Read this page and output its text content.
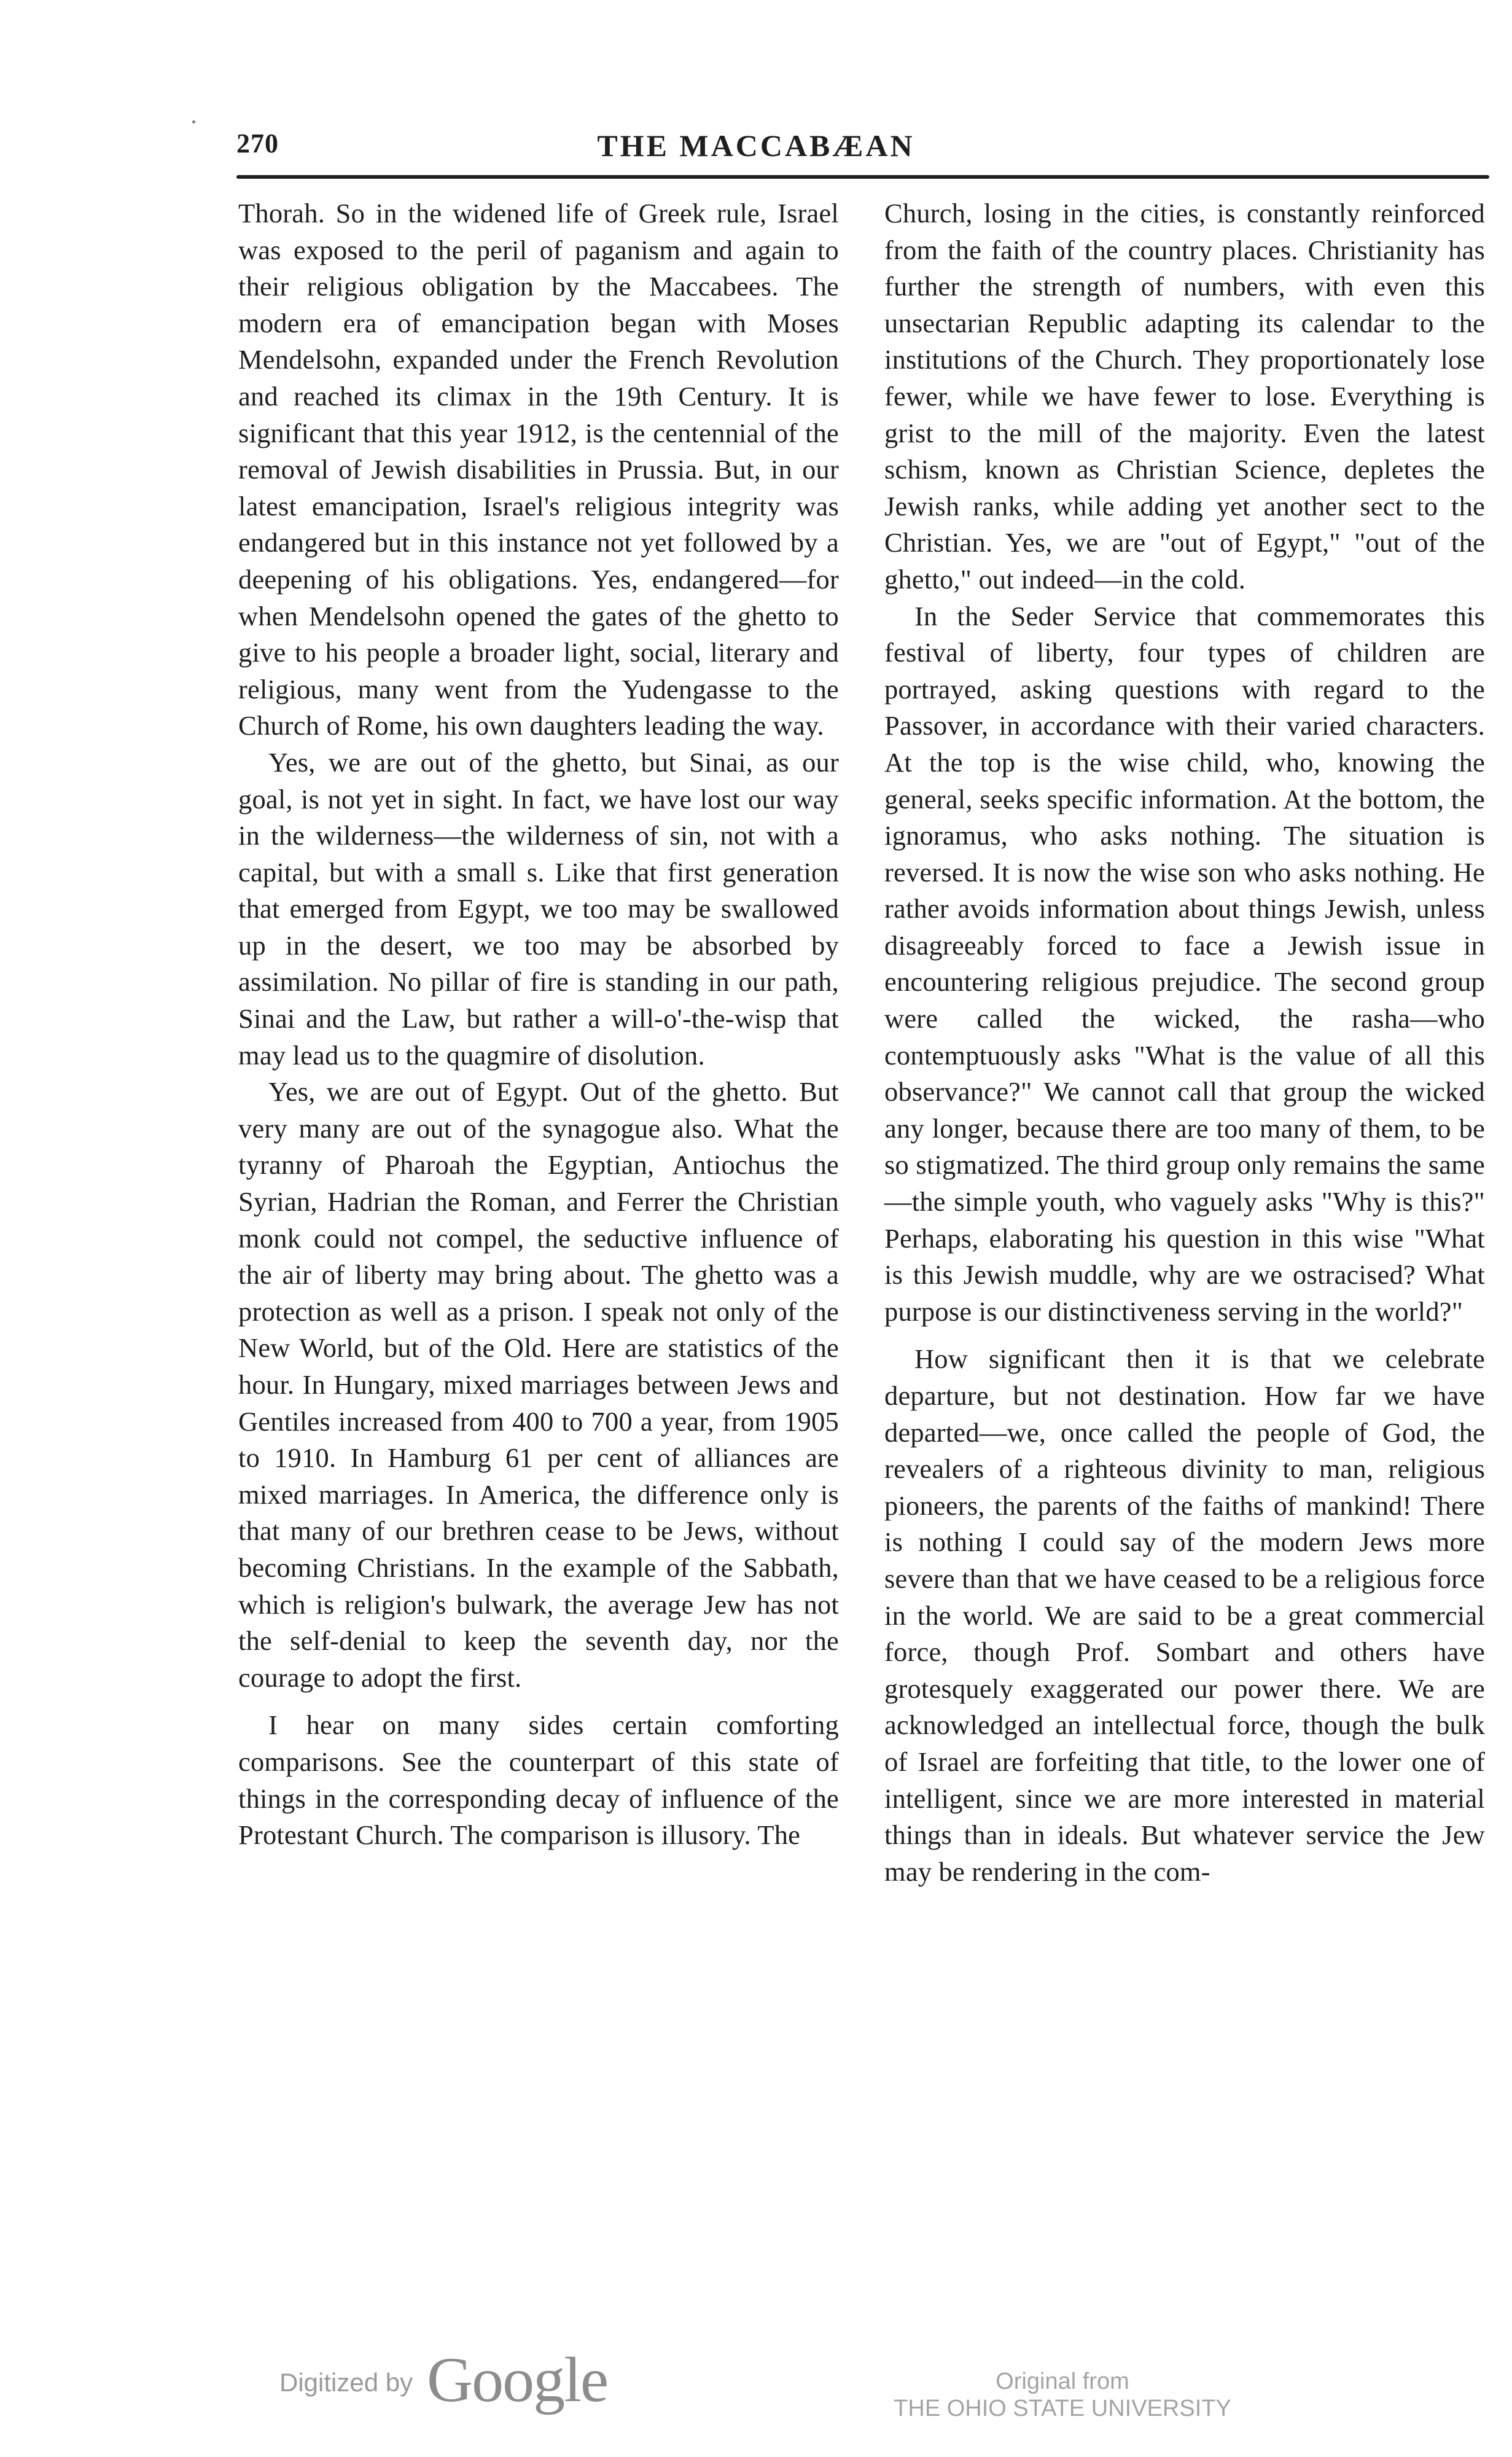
270	THE MACCABÆAN

Thorah. So in the widened life of Greek rule, Israel was exposed to the peril of paganism and again to their religious obligation by the Maccabees. The modern era of emancipation began with Moses Mendelsohn, expanded under the French Revolution and reached its climax in the 19th Century. It is significant that this year 1912, is the centennial of the removal of Jewish disabilities in Prussia. But, in our latest emancipation, Israel's religious integrity was endangered but in this instance not yet followed by a deepening of his obligations. Yes, endangered—for when Mendelsohn opened the gates of the ghetto to give to his people a broader light, social, literary and religious, many went from the Yudengasse to the Church of Rome, his own daughters leading the way.

Yes, we are out of the ghetto, but Sinai, as our goal, is not yet in sight. In fact, we have lost our way in the wilderness—the wilderness of sin, not with a capital, but with a small s. Like that first generation that emerged from Egypt, we too may be swallowed up in the desert, we too may be absorbed by assimilation. No pillar of fire is standing in our path, Sinai and the Law, but rather a will-o'-the-wisp that may lead us to the quagmire of disolution.

Yes, we are out of Egypt. Out of the ghetto. But very many are out of the synagogue also. What the tyranny of Pharoah the Egyptian, Antiochus the Syrian, Hadrian the Roman, and Ferrer the Christian monk could not compel, the seductive influence of the air of liberty may bring about. The ghetto was a protection as well as a prison. I speak not only of the New World, but of the Old. Here are statistics of the hour. In Hungary, mixed marriages between Jews and Gentiles increased from 400 to 700 a year, from 1905 to 1910. In Hamburg 61 per cent of alliances are mixed marriages. In America, the difference only is that many of our brethren cease to be Jews, without becoming Christians. In the example of the Sabbath, which is religion's bulwark, the average Jew has not the self-denial to keep the seventh day, nor the courage to adopt the first.

I hear on many sides certain comforting comparisons. See the counterpart of this state of things in the corresponding decay of influence of the Protestant Church. The comparison is illusory. The

Church, losing in the cities, is constantly reinforced from the faith of the country places. Christianity has further the strength of numbers, with even this unsectarian Republic adapting its calendar to the institutions of the Church. They proportionately lose fewer, while we have fewer to lose. Everything is grist to the mill of the majority. Even the latest schism, known as Christian Science, depletes the Jewish ranks, while adding yet another sect to the Christian. Yes, we are "out of Egypt," "out of the ghetto," out indeed—in the cold.

In the Seder Service that commemorates this festival of liberty, four types of children are portrayed, asking questions with regard to the Passover, in accordance with their varied characters. At the top is the wise child, who, knowing the general, seeks specific information. At the bottom, the ignoramus, who asks nothing. The situation is reversed. It is now the wise son who asks nothing. He rather avoids information about things Jewish, unless disagreeably forced to face a Jewish issue in encountering religious prejudice. The second group were called the wicked, the rasha—who contemptuously asks "What is the value of all this observance?" We cannot call that group the wicked any longer, because there are too many of them, to be so stigmatized. The third group only remains the same—the simple youth, who vaguely asks "Why is this?" Perhaps, elaborating his question in this wise "What is this Jewish muddle, why are we ostracised? What purpose is our distinctiveness serving in the world?"

How significant then it is that we celebrate departure, but not destination. How far we have departed—we, once called the people of God, the revealers of a righteous divinity to man, religious pioneers, the parents of the faiths of mankind! There is nothing I could say of the modern Jews more severe than that we have ceased to be a religious force in the world. We are said to be a great commercial force, though Prof. Sombart and others have grotesquely exaggerated our power there. We are acknowledged an intellectual force, though the bulk of Israel are forfeiting that title, to the lower one of intelligent, since we are more interested in material things than in ideals. But whatever service the Jew may be rendering in the com-

Digitized by Google	Original from
THE OHIO STATE UNIVERSITY
